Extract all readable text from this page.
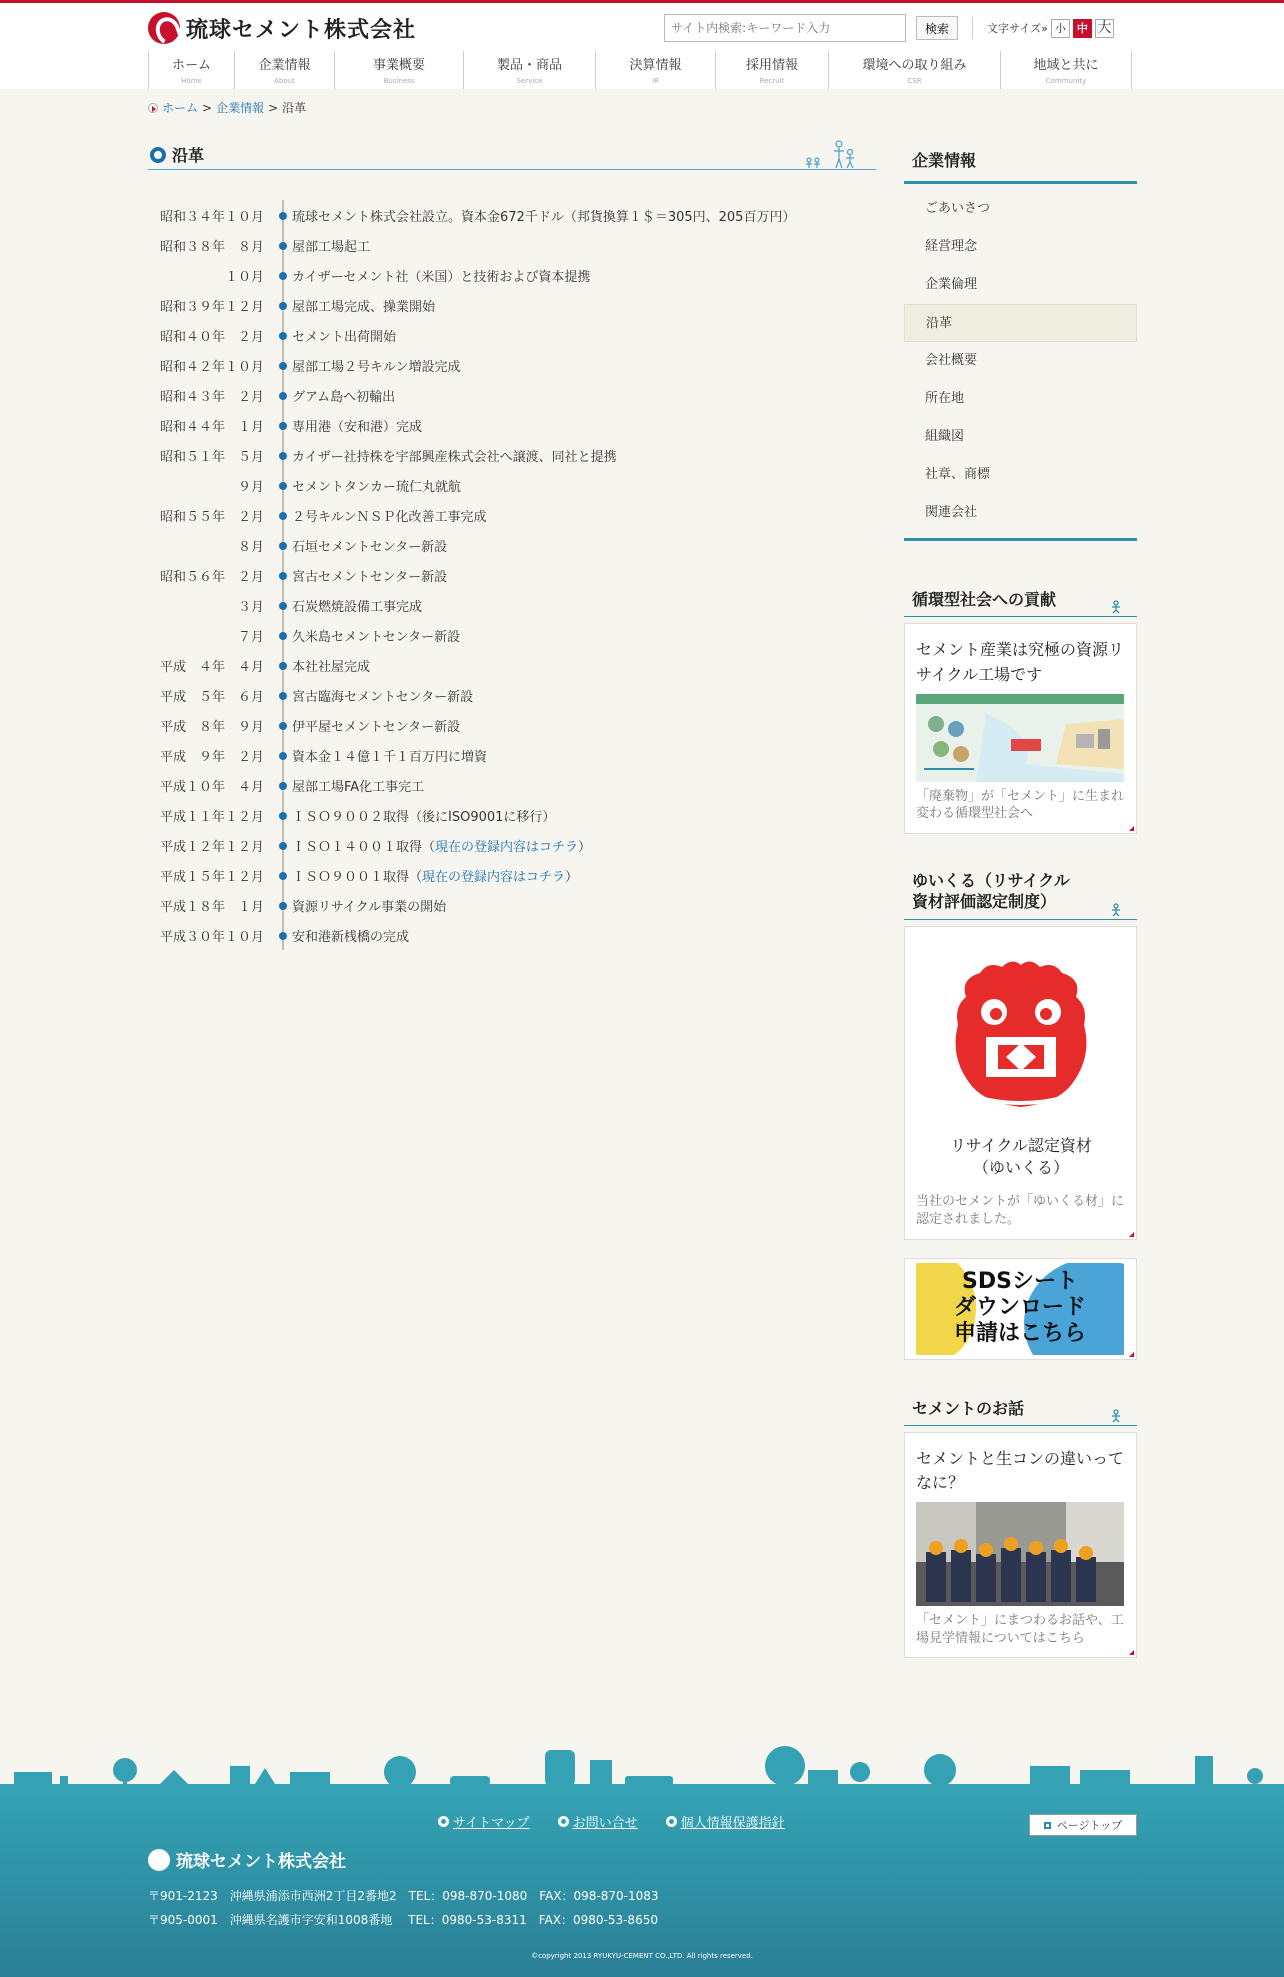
琉球セメント株式会社
サイト内検索:キーワード入力	検索	文字サイズ» 小	中 大
ホーム
Home
企業情報
About
事業概要
Business
製品・商品
Service
決算情報
IR
採用情報
Recruit
環境への取り組み
CSR
地域と共に
Community
ホーム > 企業情報 > 沿革
沿革
昭和３４年１０月	琉球セメント株式会社設立。資本金672千ドル（邦貨換算１＄＝305円、205百万円）
昭和３８年　８月	屋部工場起工
１０月	カイザーセメント社（米国）と技術および資本提携
昭和３９年１２月	屋部工場完成、操業開始
昭和４０年　２月	セメント出荷開始
昭和４２年１０月	屋部工場２号キルン増設完成
昭和４３年　２月	グアム島へ初輸出
昭和４４年　１月	専用港（安和港）完成
昭和５１年　５月	カイザー社持株を宇部興産株式会社へ譲渡、同社と提携
９月	セメントタンカー琉仁丸就航
昭和５５年　２月	２号キルンＮＳＰ化改善工事完成
８月	石垣セメントセンター新設
昭和５６年　２月	宮古セメントセンター新設
３月	石炭燃焼設備工事完成
７月	久米島セメントセンター新設
平成　４年　４月	本社社屋完成
平成　５年　６月	宮古臨海セメントセンター新設
平成　８年　９月	伊平屋セメントセンター新設
平成　９年　２月	資本金１４億１千１百万円に増資
平成１０年　４月	屋部工場FA化工事完工
平成１１年１２月	ＩＳＯ９００２取得（後にISO9001に移行）
平成１２年１２月	ＩＳＯ１４００１取得（現在の登録内容はコチラ）
平成１５年１２月	ＩＳＯ９００１取得（現在の登録内容はコチラ）
平成１８年　１月	資源リサイクル事業の開始
平成３０年１０月	安和港新桟橋の完成
企業情報
ごあいさつ
経営理念
企業倫理
沿革
会社概要
所在地
組織図
社章、商標
関連会社
循環型社会への貢献
セメント産業は究極の資源リサイクル工場です
「廃棄物」が「セメント」に生まれ変わる循環型社会へ
ゆいくる（リサイクル
資材評価認定制度）
リサイクル認定資材
（ゆいくる）
当社のセメントが「ゆいくる材」に認定されました。
SDSシート
ダウンロード
申請はこちら
セメントのお話
セメントと生コンの違いってなに？
「セメント」にまつわるお話や、工場見学情報についてはこちら
サイトマップ	お問い合せ	個人情報保護指針	ページトップ
琉球セメント株式会社
〒901-2123　沖縄県浦添市西洲2丁目2番地2　TEL：098-870-1080　FAX：098-870-1083
〒905-0001　沖縄県名護市字安和1008番地　 TEL：0980-53-8311　FAX：0980-53-8650
©copyright 2013 RYUKYU-CEMENT CO.,LTD. All rights reserved.
